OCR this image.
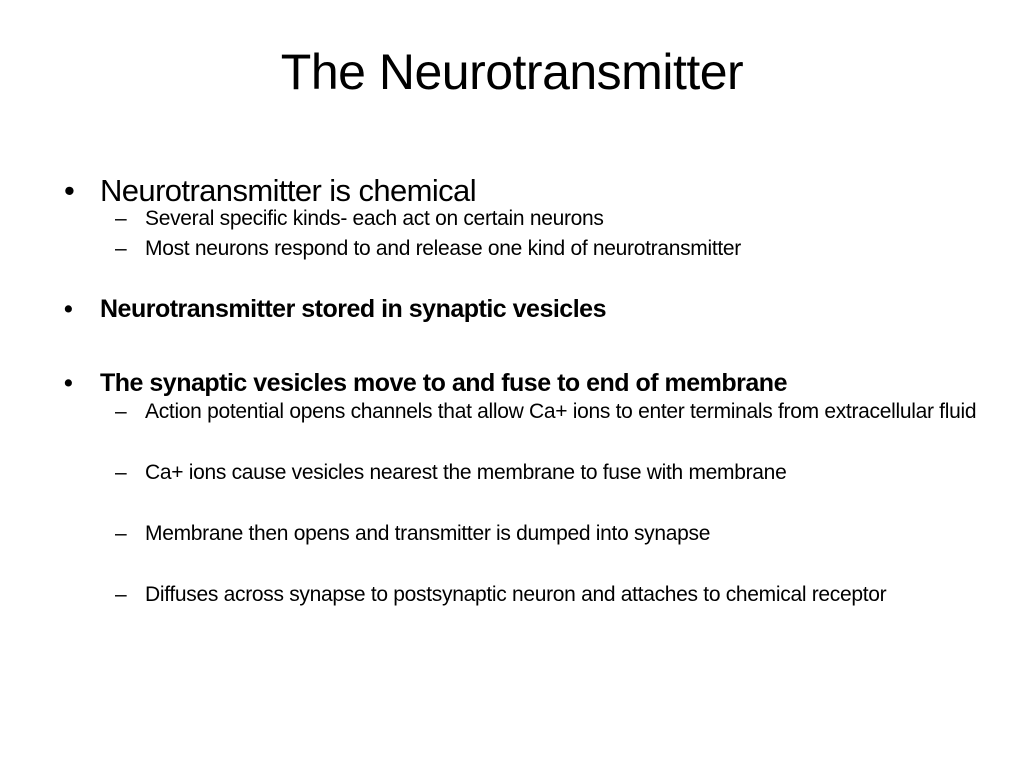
The Neurotransmitter
• Neurotransmitter is chemical
– Several specific kinds- each act on certain neurons
– Most neurons respond to and release one kind of neurotransmitter
• Neurotransmitter stored in synaptic vesicles
• The synaptic vesicles move to and fuse to end of membrane
– Action potential opens channels that allow Ca+ ions to enter terminals from extracellular fluid
– Ca+ ions cause vesicles nearest the membrane to fuse with membrane
– Membrane then opens and transmitter is dumped into synapse
– Diffuses across synapse to postsynaptic neuron and attaches to chemical receptor
